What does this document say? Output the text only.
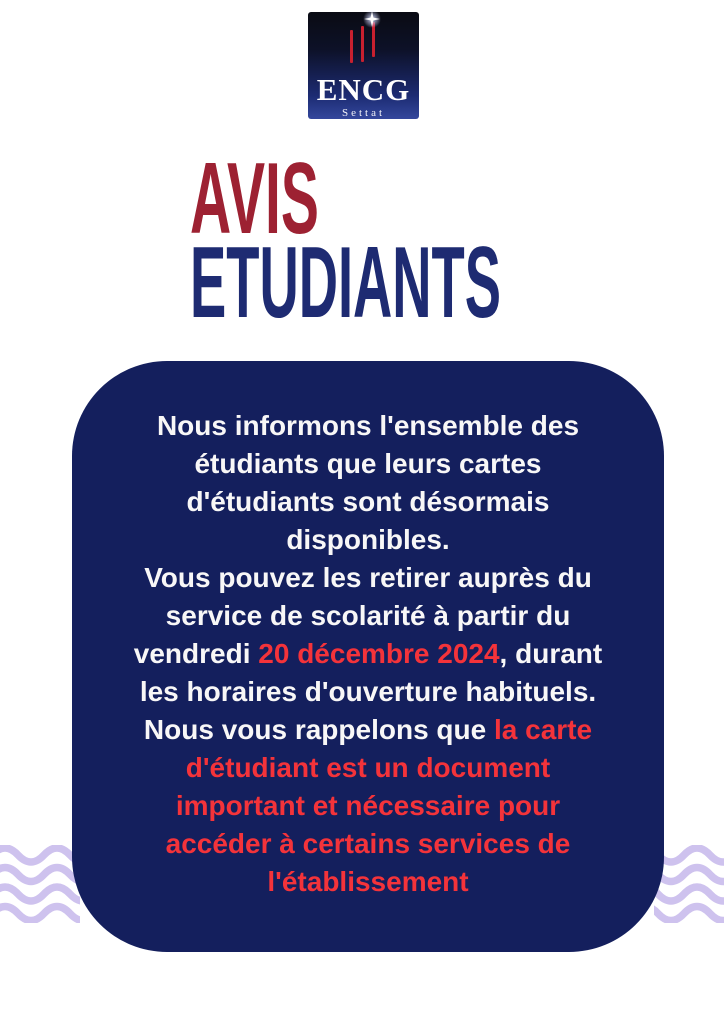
ENCG
Settat
AVIS
ETUDIANTS
Nous informons l'ensemble des
étudiants que leurs cartes
d'étudiants sont désormais
disponibles.
Vous pouvez les retirer auprès du
service de scolarité à partir du
vendredi 20 décembre 2024, durant
les horaires d'ouverture habituels.
Nous vous rappelons que la carte
d'étudiant est un document
important et nécessaire pour
accéder à certains services de
l'établissement
